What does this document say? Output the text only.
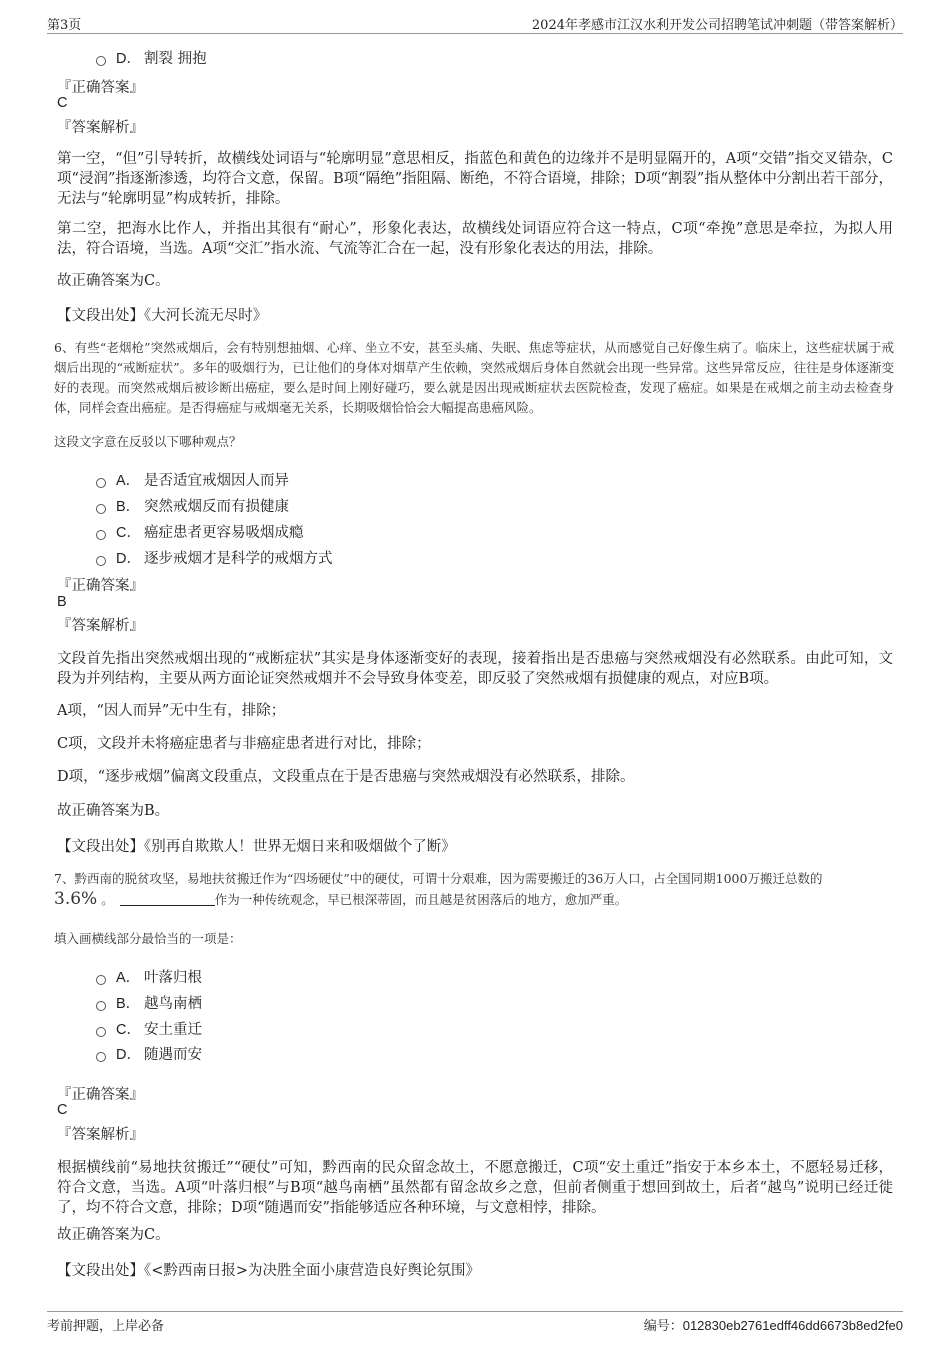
第3页	2024年孝感市江汉水利开发公司招聘笔试冲刺题（带答案解析）
D． 割裂 拥抱
『正确答案』
C
『答案解析』
第一空，“但”引导转折，故横线处词语与“轮廓明显”意思相反，指蓝色和黄色的边缘并不是明显隔开的，A项“交错”指交叉错杂，C项“浸润”指逐渐渗透，均符合文意，保留。B项“隔绝”指阻隔、断绝，不符合语境，排除；D项“割裂”指从整体中分割出若干部分，无法与“轮廓明显”构成转折，排除。
第二空，把海水比作人，并指出其很有“耐心”，形象化表达，故横线处词语应符合这一特点，C项“牵挽”意思是牵拉，为拟人用法，符合语境，当选。A项“交汇”指水流、气流等汇合在一起，没有形象化表达的用法，排除。
故正确答案为C。
【文段出处】《大河长流无尽时》
6、有些“老烟枪”突然戒烟后，会有特别想抽烟、心痒、坐立不安，甚至头痛、失眠、焦虑等症状，从而感觉自己好像生病了。临床上，这些症状属于戒烟后出现的“戒断症状”。多年的吸烟行为，已让他们的身体对烟草产生依赖，突然戒烟后身体自然就会出现一些异常。这些异常反应，往往是身体逐渐变好的表现。而突然戒烟后被诊断出癌症，要么是时间上刚好碰巧，要么就是因出现戒断症状去医院检查，发现了癌症。如果是在戒烟之前主动去检查身体，同样会查出癌症。是否得癌症与戒烟毫无关系，长期吸烟恰恰会大幅提高患癌风险。
这段文字意在反驳以下哪种观点？
A． 是否适宜戒烟因人而异
B． 突然戒烟反而有损健康
C． 癌症患者更容易吸烟成瘾
D． 逐步戒烟才是科学的戒烟方式
『正确答案』
B
『答案解析』
文段首先指出突然戒烟出现的“戒断症状”其实是身体逐渐变好的表现，接着指出是否患癌与突然戒烟没有必然联系。由此可知，文段为并列结构，主要从两方面论证突然戒烟并不会导致身体变差，即反驳了突然戒烟有损健康的观点，对应B项。
A项，“因人而异”无中生有，排除；
C项，文段并未将癌症患者与非癌症患者进行对比，排除；
D项，“逐步戒烟”偏离文段重点，文段重点在于是否患癌与突然戒烟没有必然联系，排除。
故正确答案为B。
【文段出处】《别再自欺欺人！世界无烟日来和吸烟做个了断》
7、黔西南的脱贫攻坚，易地扶贫搬迁作为“四场硬仗”中的硬仗，可谓十分艰难，因为需要搬迁的36万人口，占全国同期1000万搬迁总数的
3.6% 。	作为一种传统观念，早已根深蒂固，而且越是贫困落后的地方，愈加严重。
填入画横线部分最恰当的一项是：
A． 叶落归根
B． 越鸟南栖
C． 安土重迁
D． 随遇而安
『正确答案』
C
『答案解析』
根据横线前“易地扶贫搬迁”“硬仗”可知，黔西南的民众留念故土，不愿意搬迁，C项“安土重迁”指安于本乡本土，不愿轻易迁移，符合文意，当选。A项“叶落归根”与B项“越鸟南栖”虽然都有留念故乡之意，但前者侧重于想回到故土，后者“越鸟”说明已经迁徙了，均不符合文意，排除；D项“随遇而安”指能够适应各种环境，与文意相悖，排除。
故正确答案为C。
【文段出处】《<黔西南日报>为决胜全面小康营造良好舆论氛围》
考前押题，上岸必备	编号：012830eb2761edff46dd6673b8ed2fe0
